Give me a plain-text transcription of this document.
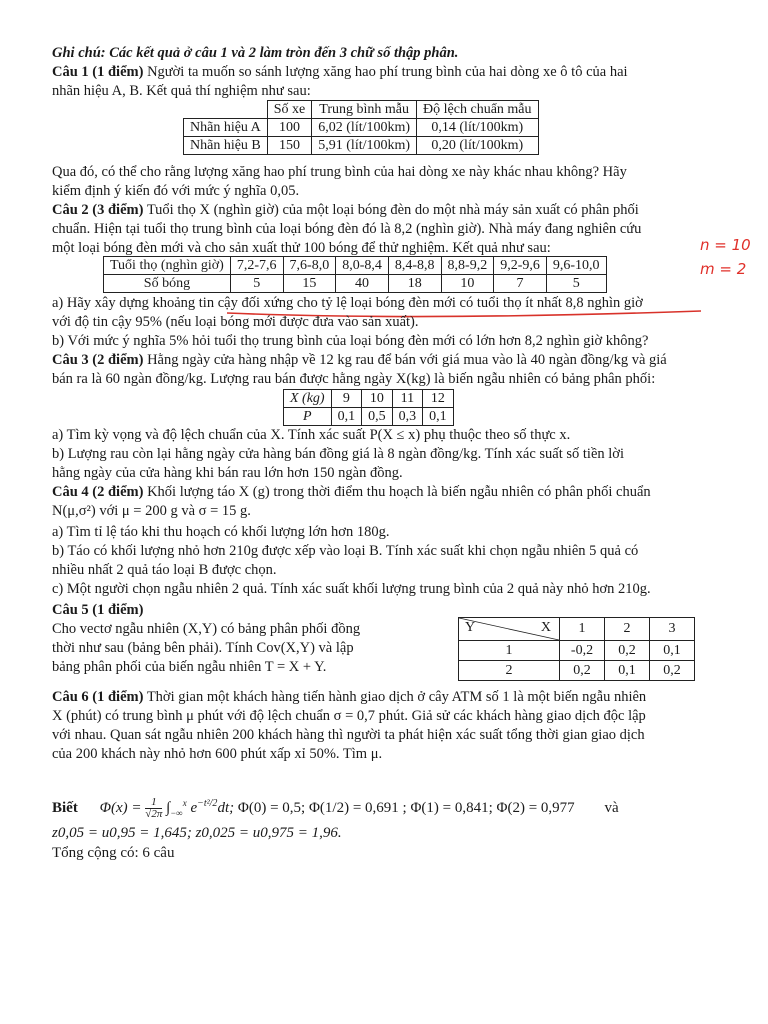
Ghi chú: Các kết quả ở câu 1 và 2 làm tròn đến 3 chữ số thập phân.
Câu 1 (1 điểm) Người ta muốn so sánh lượng xăng hao phí trung bình của hai dòng xe ô tô của hai
nhãn hiệu A, B. Kết quả thí nghiệm như sau:
	Số xe	Trung bình mẫu	Độ lệch chuẩn mẫu
Nhãn hiệu A	100	6,02 (lít/100km)	0,14 (lít/100km)
Nhãn hiệu B	150	5,91 (lít/100km)	0,20 (lít/100km)
Qua đó, có thể cho rằng lượng xăng hao phí trung bình của hai dòng xe này khác nhau không? Hãy
kiểm định ý kiến đó với mức ý nghĩa 0,05.
Câu 2 (3 điểm) Tuổi thọ X (nghìn giờ) của một loại bóng đèn do một nhà máy sản xuất có phân phối
chuẩn. Hiện tại tuổi thọ trung bình của loại bóng đèn đó là 8,2 (nghìn giờ). Nhà máy đang nghiên cứu
một loại bóng đèn mới và cho sản xuất thử 100 bóng để thử nghiệm. Kết quả như sau:	n = 10
m = 2
Tuổi thọ (nghìn giờ)	7,2-7,6	7,6-8,0	8,0-8,4	8,4-8,8	8,8-9,2	9,2-9,6	9,6-10,0
Số bóng	5	15	40	18	10	7	5
a) Hãy xây dựng khoảng tin cậy đối xứng cho tỷ lệ loại bóng đèn mới có tuổi thọ ít nhất 8,8 nghìn giờ
với độ tin cậy 95% (nếu loại bóng mới được đưa vào sản xuất).
b) Với mức ý nghĩa 5% hỏi tuổi thọ trung bình của loại bóng đèn mới có lớn hơn 8,2 nghìn giờ không?
Câu 3 (2 điểm) Hằng ngày cửa hàng nhập về 12 kg rau để bán với giá mua vào là 40 ngàn đồng/kg và giá
bán ra là 60 ngàn đồng/kg. Lượng rau bán được hằng ngày X(kg) là biến ngẫu nhiên có bảng phân phối:
X (kg)	9	10	11	12
P	0,1	0,5	0,3	0,1
a) Tìm kỳ vọng và độ lệch chuẩn của X. Tính xác suất P(X ≤ x) phụ thuộc theo số thực x.
b) Lượng rau còn lại hằng ngày cửa hàng bán đồng giá là 8 ngàn đồng/kg. Tính xác suất số tiền lời
hằng ngày của cửa hàng khi bán rau lớn hơn 150 ngàn đồng.
Câu 4 (2 điểm) Khối lượng táo X (g) trong thời điểm thu hoạch là biến ngẫu nhiên có phân phối chuẩn
N(μ,σ²) với μ = 200 g và σ = 15 g.
a) Tìm tỉ lệ táo khi thu hoạch có khối lượng lớn hơn 180g.
b) Táo có khối lượng nhỏ hơn 210g được xếp vào loại B. Tính xác suất khi chọn ngẫu nhiên 5 quả có
nhiều nhất 2 quả táo loại B được chọn.
c) Một người chọn ngẫu nhiên 2 quả. Tính xác suất khối lượng trung bình của 2 quả này nhỏ hơn 210g.
Câu 5 (1 điểm)
Cho vectơ ngẫu nhiên (X,Y) có bảng phân phối đồng
thời như sau (bảng bên phải). Tính Cov(X,Y) và lập
bảng phân phối của biến ngẫu nhiên T = X + Y.
Y X	1	2	3
1	-0,2	0,2	0,1
2	0,2	0,1	0,2
Câu 6 (1 điểm) Thời gian một khách hàng tiến hành giao dịch ở cây ATM số 1 là một biến ngẫu nhiên
X (phút) có trung bình μ phút với độ lệch chuẩn σ = 0,7 phút. Giả sử các khách hàng giao dịch độc lập
với nhau. Quan sát ngẫu nhiên 200 khách hàng thì người ta phát hiện xác suất tổng thời gian giao dịch
của 200 khách này nhỏ hơn 600 phút xấp xỉ 50%. Tìm μ.
Biết $\Phi(x) = \frac{1}{√2\pi} \int_{-\infty}^x$ $e^{-t^2/2}dt$; Φ(0) = 0,5; Φ(1/2) = 0,691 ; Φ(1) = 0,841; Φ(2) = 0,977 và
z0,05 = u0,95 = 1,645; z0,025 = u0,975 = 1,96.
Tổng cộng có: 6 câu
